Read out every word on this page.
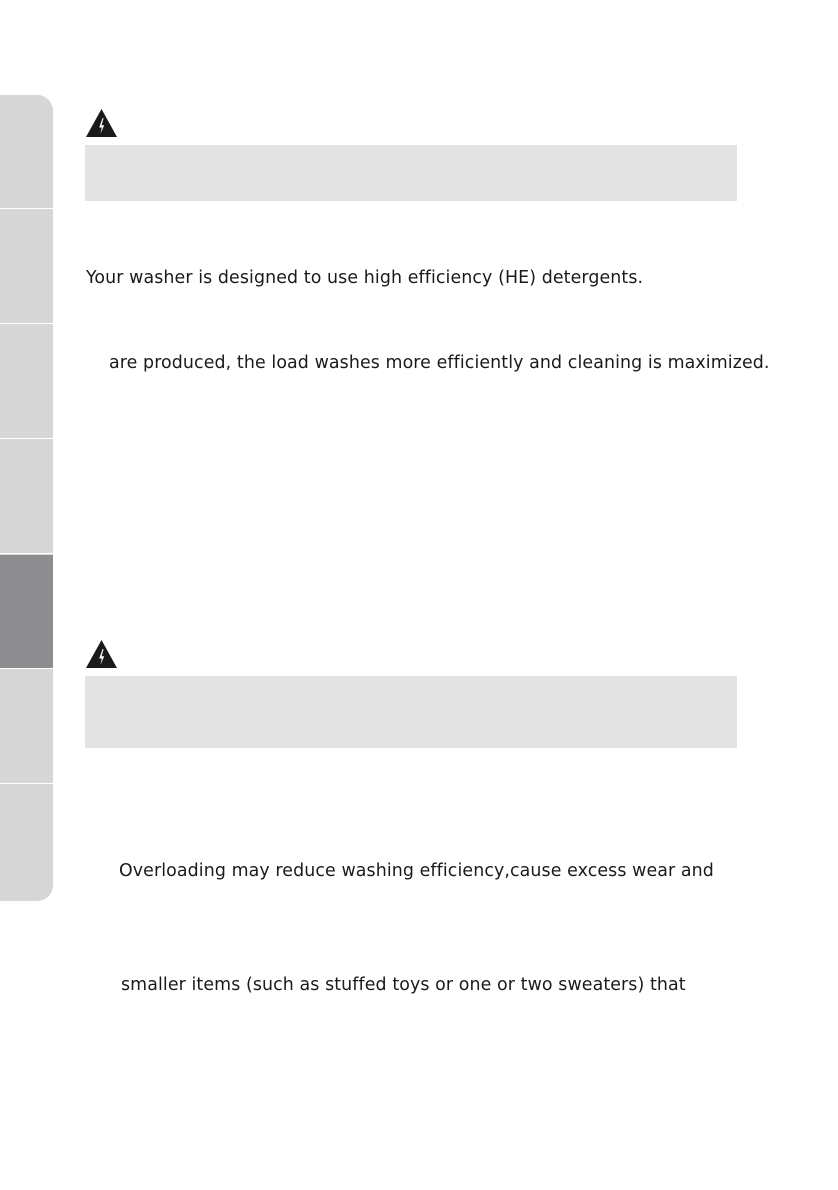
Your washer is designed to use high efficiency (HE) detergents.
are produced, the load washes more efficiently and cleaning is maximized.
Overloading may reduce washing efficiency,cause excess wear and
smaller items (such as stuffed toys or one or two sweaters) that
